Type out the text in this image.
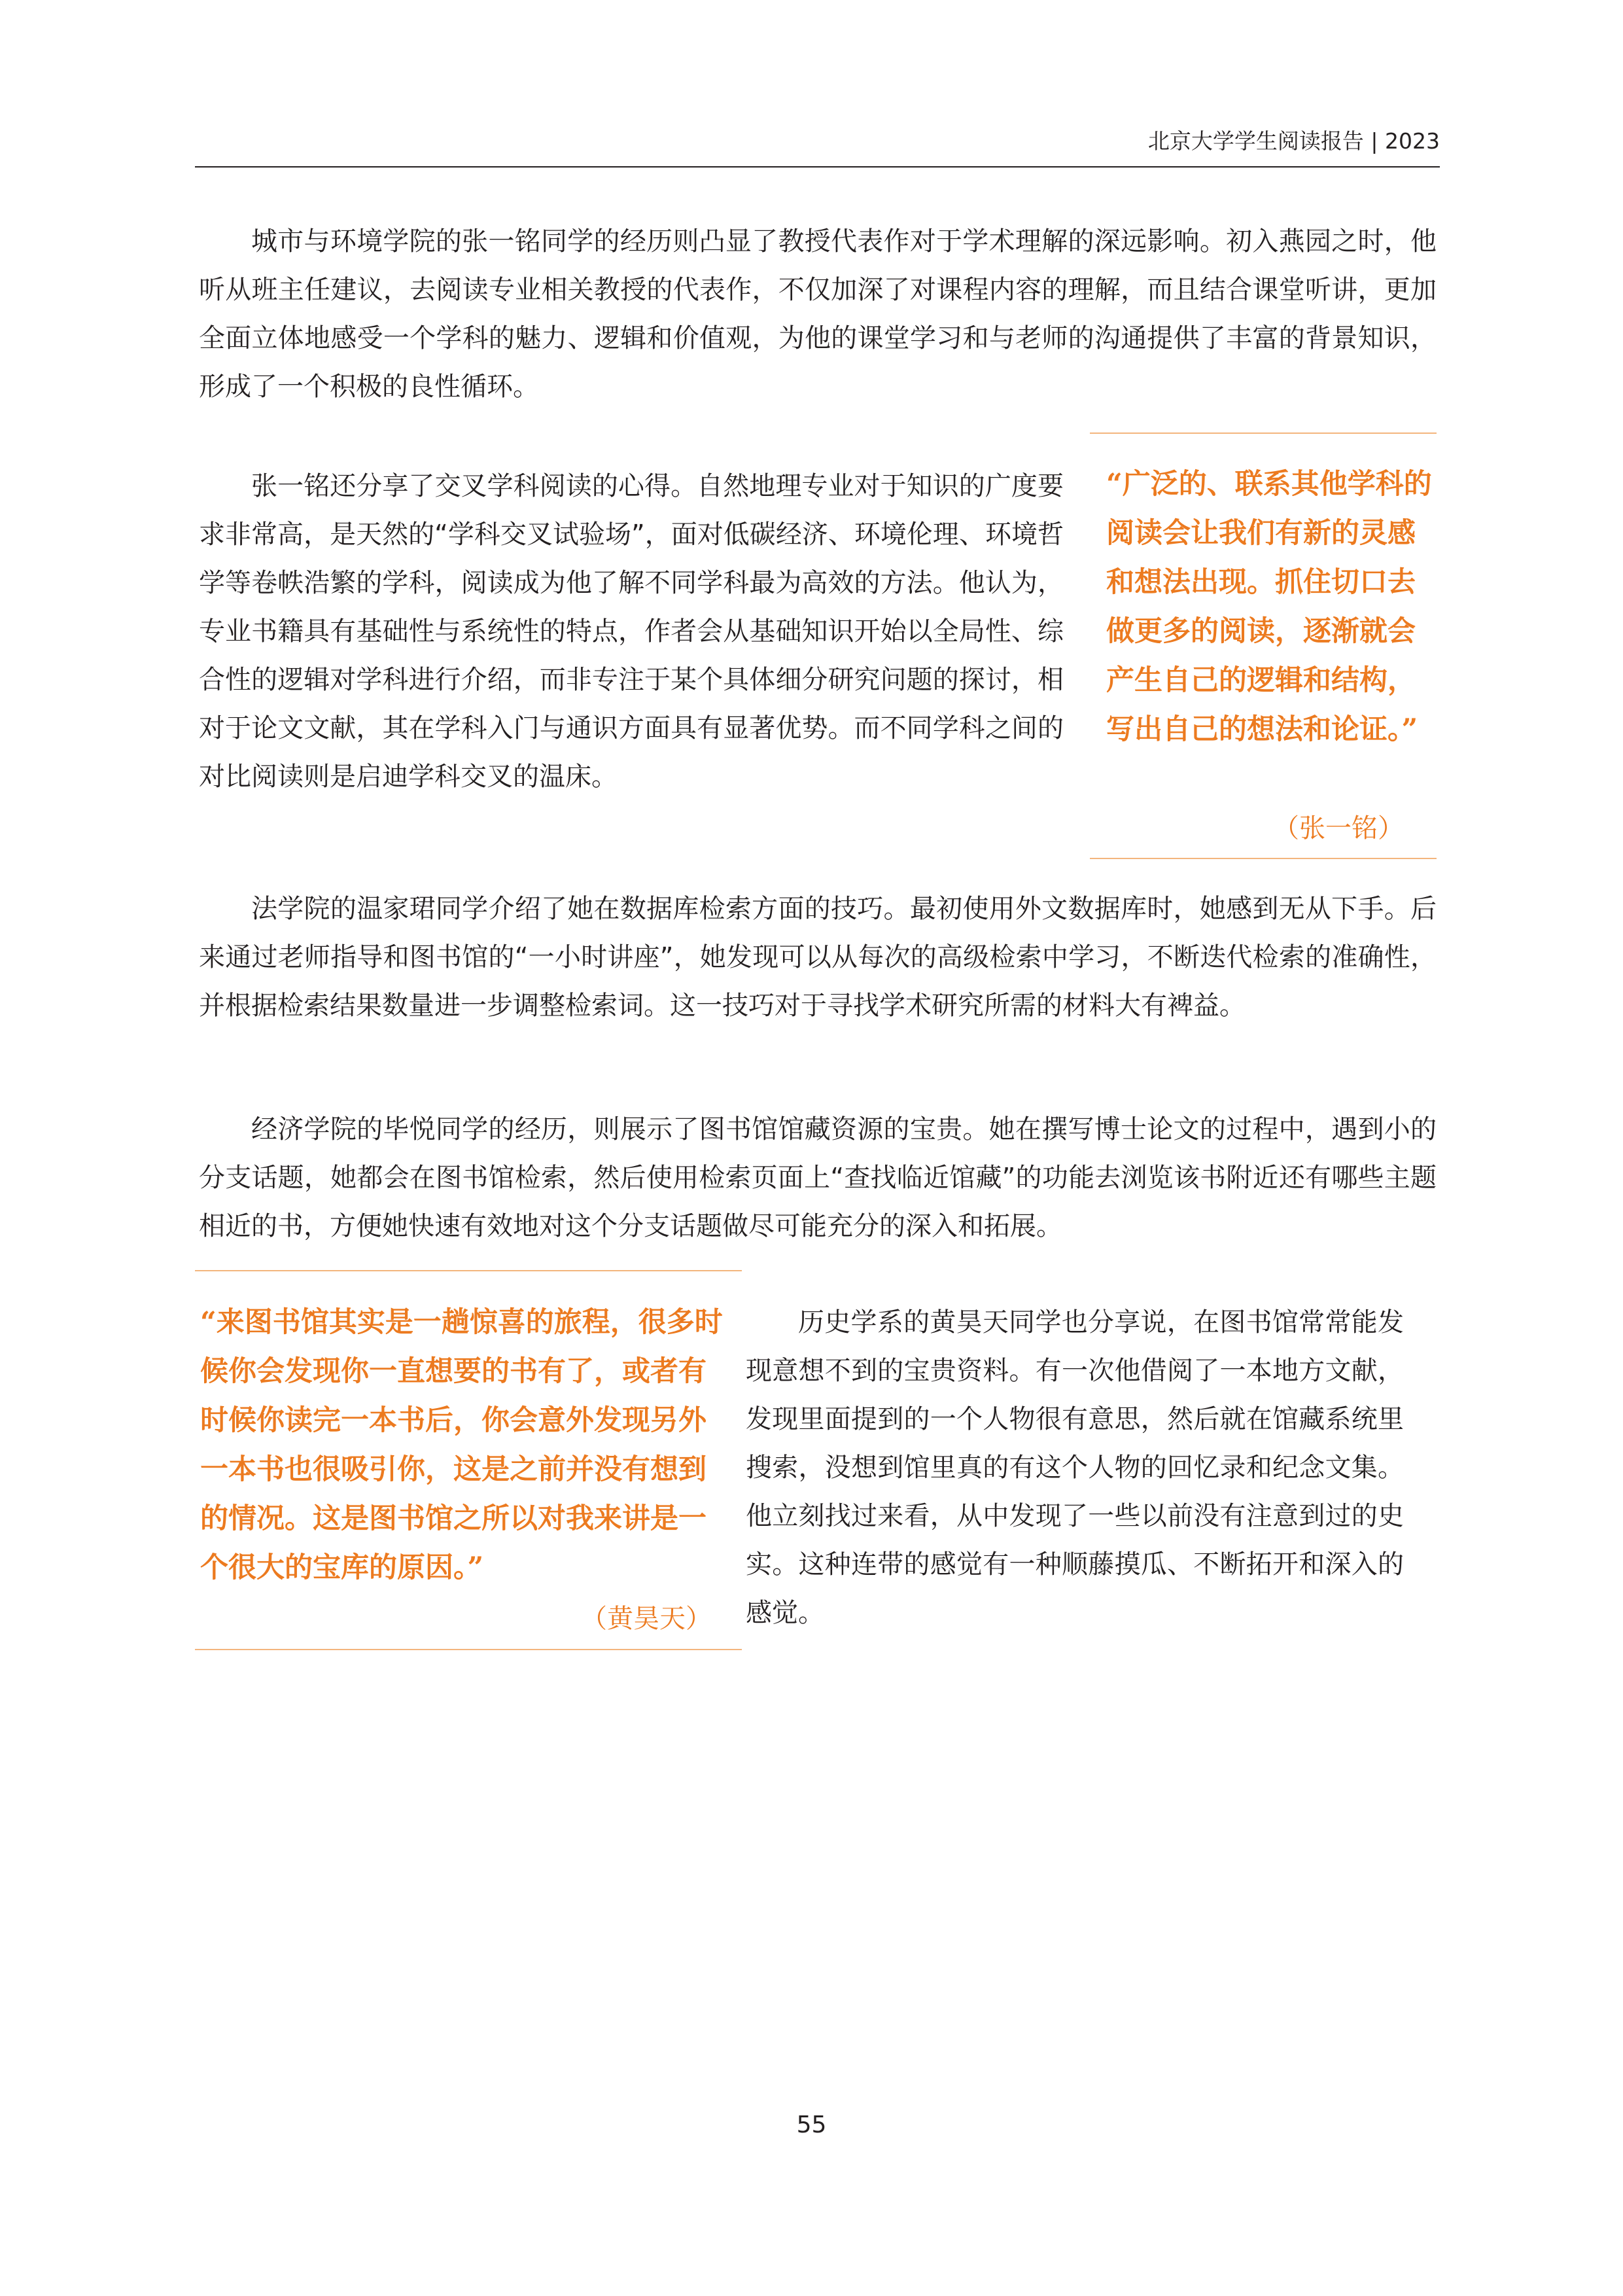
北京大学学生阅读报告 | 2023

城市与环境学院的张一铭同学的经历则凸显了教授代表作对于学术理解的深远影响。初入燕园之时，他听从班主任建议，去阅读专业相关教授的代表作，不仅加深了对课程内容的理解，而且结合课堂听讲，更加全面立体地感受一个学科的魅力、逻辑和价值观，为他的课堂学习和与老师的沟通提供了丰富的背景知识，形成了一个积极的良性循环。

张一铭还分享了交叉学科阅读的心得。自然地理专业对于知识的广度要求非常高，是天然的“学科交叉试验场”，面对低碳经济、环境伦理、环境哲学等卷帙浩繁的学科，阅读成为他了解不同学科最为高效的方法。他认为，专业书籍具有基础性与系统性的特点，作者会从基础知识开始以全局性、综合性的逻辑对学科进行介绍，而非专注于某个具体细分研究问题的探讨，相对于论文文献，其在学科入门与通识方面具有显著优势。而不同学科之间的对比阅读则是启迪学科交叉的温床。

“广泛的、联系其他学科的阅读会让我们有新的灵感和想法出现。抓住切口去做更多的阅读，逐渐就会产生自己的逻辑和结构，写出自己的想法和论证。”

（张一铭）

法学院的温家珺同学介绍了她在数据库检索方面的技巧。最初使用外文数据库时，她感到无从下手。后来通过老师指导和图书馆的“一小时讲座”，她发现可以从每次的高级检索中学习，不断迭代检索的准确性，并根据检索结果数量进一步调整检索词。这一技巧对于寻找学术研究所需的材料大有裨益。

经济学院的毕悦同学的经历，则展示了图书馆馆藏资源的宝贵。她在撰写博士论文的过程中，遇到小的分支话题，她都会在图书馆检索，然后使用检索页面上“查找临近馆藏”的功能去浏览该书附近还有哪些主题相近的书，方便她快速有效地对这个分支话题做尽可能充分的深入和拓展。

“来图书馆其实是一趟惊喜的旅程，很多时候你会发现你一直想要的书有了，或者有时候你读完一本书后，你会意外发现另外一本书也很吸引你，这是之前并没有想到的情况。这是图书馆之所以对我来讲是一个很大的宝库的原因。”

（黄昊天）

历史学系的黄昊天同学也分享说，在图书馆常常能发现意想不到的宝贵资料。有一次他借阅了一本地方文献，发现里面提到的一个人物很有意思，然后就在馆藏系统里搜索，没想到馆里真的有这个人物的回忆录和纪念文集。他立刻找过来看，从中发现了一些以前没有注意到过的史实。这种连带的感觉有一种顺藤摸瓜、不断拓开和深入的感觉。

55
